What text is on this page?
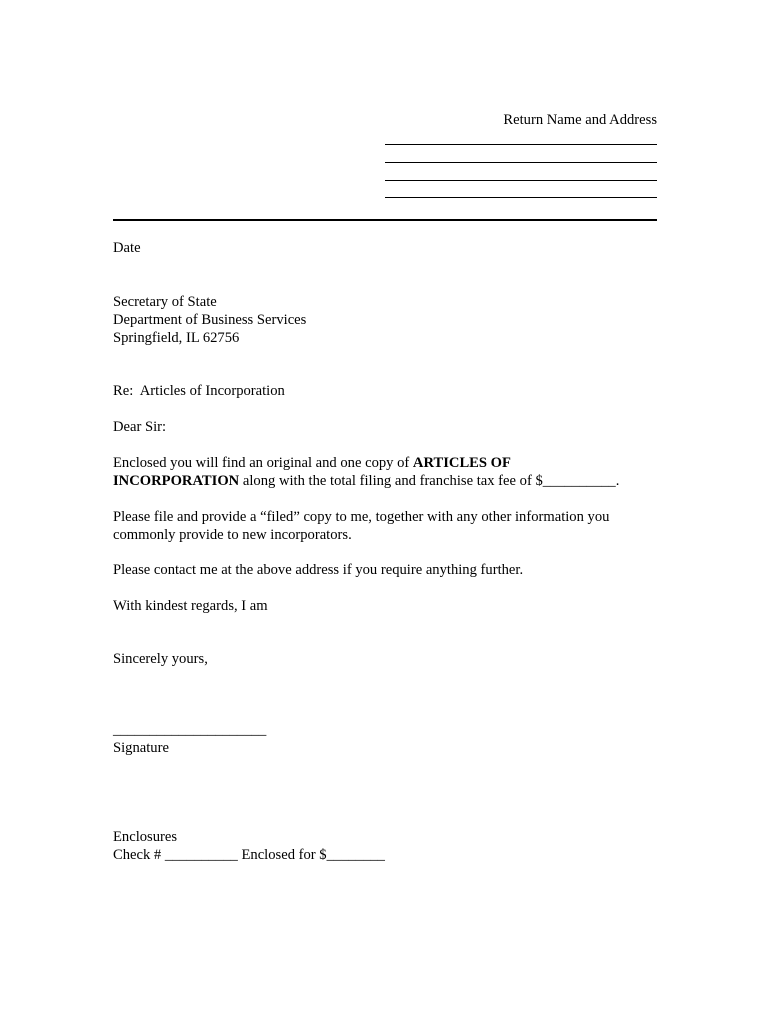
Return Name and Address
Date
Secretary of State
Department of Business Services
Springfield, IL 62756
Re:  Articles of Incorporation
Dear Sir:
Enclosed you will find an original and one copy of ARTICLES OF
INCORPORATION along with the total filing and franchise tax fee of $__________.
Please file and provide a “filed” copy to me, together with any other information you
commonly provide to new incorporators.
Please contact me at the above address if you require anything further.
With kindest regards, I am
Sincerely yours,
_____________________
Signature
Enclosures
Check # __________ Enclosed for $________
